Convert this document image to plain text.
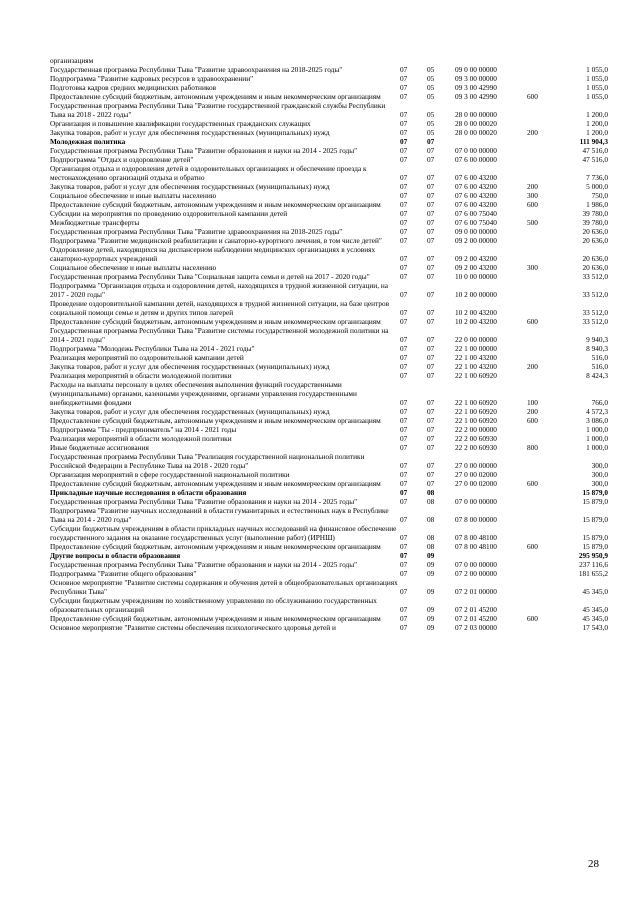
организациям
Государственная программа Республики Тыва "Развитие здравоохранения на 2018-2025 годы"	07	05	09 0 00 00000	1 055,0
Подпрограмма "Развитие кадровых ресурсов в здравоохранении"	07	05	09 3 00 00000	1 055,0
Подготовка кадров средних медицинских работников	07	05	09 3 00 42990	1 055,0
Предоставление субсидий бюджетным, автономным учреждениям и иным некоммерческим организациям	07	05	09 3 00 42990	600	1 055,0
Государственная программа Республики Тыва "Развитие государственной гражданской службы Республики Тыва на 2018 - 2022 годы"	07	05	28 0 00 00000	1 200,0
Организация и повышение квалификации государственных гражданских служащих	07	05	28 0 00 00020	1 200,0
Закупка товаров, работ и услуг для обеспечения государственных (муниципальных) нужд	07	05	28 0 00 00020	200	1 200,0
Молодежная политика	07	07	111 904,3
Государственная программа Республики Тыва "Развитие образования и науки на 2014 - 2025 годы"	07	07	07 0 00 00000	47 516,0
Подпрограмма "Отдых и оздоровление детей"	07	07	07 6 00 00000	47 516,0
Организация отдыха и оздоровления детей в оздоровительных организациях и обеспечение проезда к местонахождению организаций отдыха и обратно	07	07	07 6 00 43200	7 736,0
Закупка товаров, работ и услуг для обеспечения государственных (муниципальных) нужд	07	07	07 6 00 43200	200	5 000,0
Социальное обеспечение и иные выплаты населению	07	07	07 6 00 43200	300	750,0
Предоставление субсидий бюджетным, автономным учреждениям и иным некоммерческим организациям	07	07	07 6 00 43200	600	1 986,0
Субсидии на мероприятия по проведению оздоровительной кампании детей	07	07	07 6 00 75040	39 780,0
Межбюджетные трансферты	07	07	07 6 00 75040	500	39 780,0
Государственная программа Республики Тыва "Развитие здравоохранения на 2018-2025 годы"	07	07	09 0 00 00000	20 636,0
Подпрограмма "Развитие медицинской реабилитации и санаторно-курортного лечения, в том числе детей"	07	07	09 2 00 00000	20 636,0
Оздоровление детей, находящихся на диспансерном наблюдении медицинских организациях в условиях санаторно-курортных учреждений	07	07	09 2 00 43200	20 636,0
Социальное обеспечение и иные выплаты населению	07	07	09 2 00 43200	300	20 636,0
Государственная программа Республики Тыва "Социальная защита семьи и детей на 2017 - 2020 годы"	07	07	10 0 00 00000	33 512,0
Подпрограмма "Организация отдыха и оздоровления детей, находящихся в трудной жизненной ситуации, на 2017 - 2020 годы"	07	07	10 2 00 00000	33 512,0
Проведение оздоровительной кампании детей, находящихся в трудной жизненной ситуации, на базе центров социальной помощи семье и детям и других типов лагерей	07	07	10 2 00 43200	33 512,0
Предоставление субсидий бюджетным, автономным учреждениям и иным некоммерческим организациям	07	07	10 2 00 43200	600	33 512,0
Государственная программа Республики Тыва "Развитие системы государственной молодежной политики на 2014 - 2021 годы"	07	07	22 0 00 00000	9 940,3
Подпрограмма "Молодежь Республики Тыва на 2014 - 2021 годы"	07	07	22 1 00 00000	8 940,3
Реализация мероприятий по оздоровительной кампании детей	07	07	22 1 00 43200	516,0
Закупка товаров, работ и услуг для обеспечения государственных (муниципальных) нужд	07	07	22 1 00 43200	200	516,0
Реализация мероприятий в области молодежной политики	07	07	22 1 00 60920	8 424,3
Расходы на выплаты персоналу в целях обеспечения выполнения функций государственными (муниципальными) органами, казенными учреждениями, органами управления государственными внебюджетными фондами	07	07	22 1 00 60920	100	766,0
Закупка товаров, работ и услуг для обеспечения государственных (муниципальных) нужд	07	07	22 1 00 60920	200	4 572,3
Предоставление субсидий бюджетным, автономным учреждениям и иным некоммерческим организациям	07	07	22 1 00 60920	600	3 086,0
Подпрограмма "Ты - предприниматель" на 2014 - 2021 годы	07	07	22 2 00 00000	1 000,0
Реализация мероприятий в области молодежной политики	07	07	22 2 00 60930	1 000,0
Иные бюджетные ассигнования	07	07	22 2 00 60930	800	1 000,0
Государственная программа Республики Тыва "Реализация государственной национальной политики Российской Федерации в Республике Тыва на 2018 - 2020 годы"	07	07	27 0 00 00000	300,0
Организация мероприятий в сфере государственной национальной политики	07	07	27 0 00 02000	300,0
Предоставление субсидий бюджетным, автономным учреждениям и иным некоммерческим организациям	07	07	27 0 00 02000	600	300,0
Прикладные научные исследования в области образования	07	08	15 879,0
Государственная программа Республики Тыва "Развитие образования и науки на 2014 - 2025 годы"	07	08	07 0 00 00000	15 879,0
Подпрограмма "Развитие научных исследований в области гуманитарных и естественных наук в Республике Тыва на 2014 - 2020 годы"	07	08	07 8 00 00000	15 879,0
Субсидии бюджетным учреждениям в области прикладных научных исследований на финансовое обеспечение государственного задания на оказание государственных услуг (выполнение работ) (ИРНШ)	07	08	07 8 00 48100	15 879,0
Предоставление субсидий бюджетным, автономным учреждениям и иным некоммерческим организациям	07	08	07 8 00 48100	600	15 879,0
Другие вопросы в области образования	07	09	295 950,9
Государственная программа Республики Тыва "Развитие образования и науки на 2014 - 2025 годы"	07	09	07 0 00 00000	237 116,6
Подпрограмма "Развитие общего образования"	07	09	07 2 00 00000	181 655,2
Основное мероприятие "Развитие системы содержания и обучения детей в общеобразовательных организациях Республики Тыва"	07	09	07 2 01 00000	45 345,0
Субсидии бюджетным учреждениям по хозяйственному управлению по обслуживанию государственных образовательных организаций	07	09	07 2 01 45200	45 345,0
Предоставление субсидий бюджетным, автономным учреждениям и иным некоммерческим организациям	07	09	07 2 01 45200	600	45 345,0
Основное мероприятие "Развитие системы обеспечения психологического здоровья детей и	07	09	07 2 03 00000	17 543,0
28
